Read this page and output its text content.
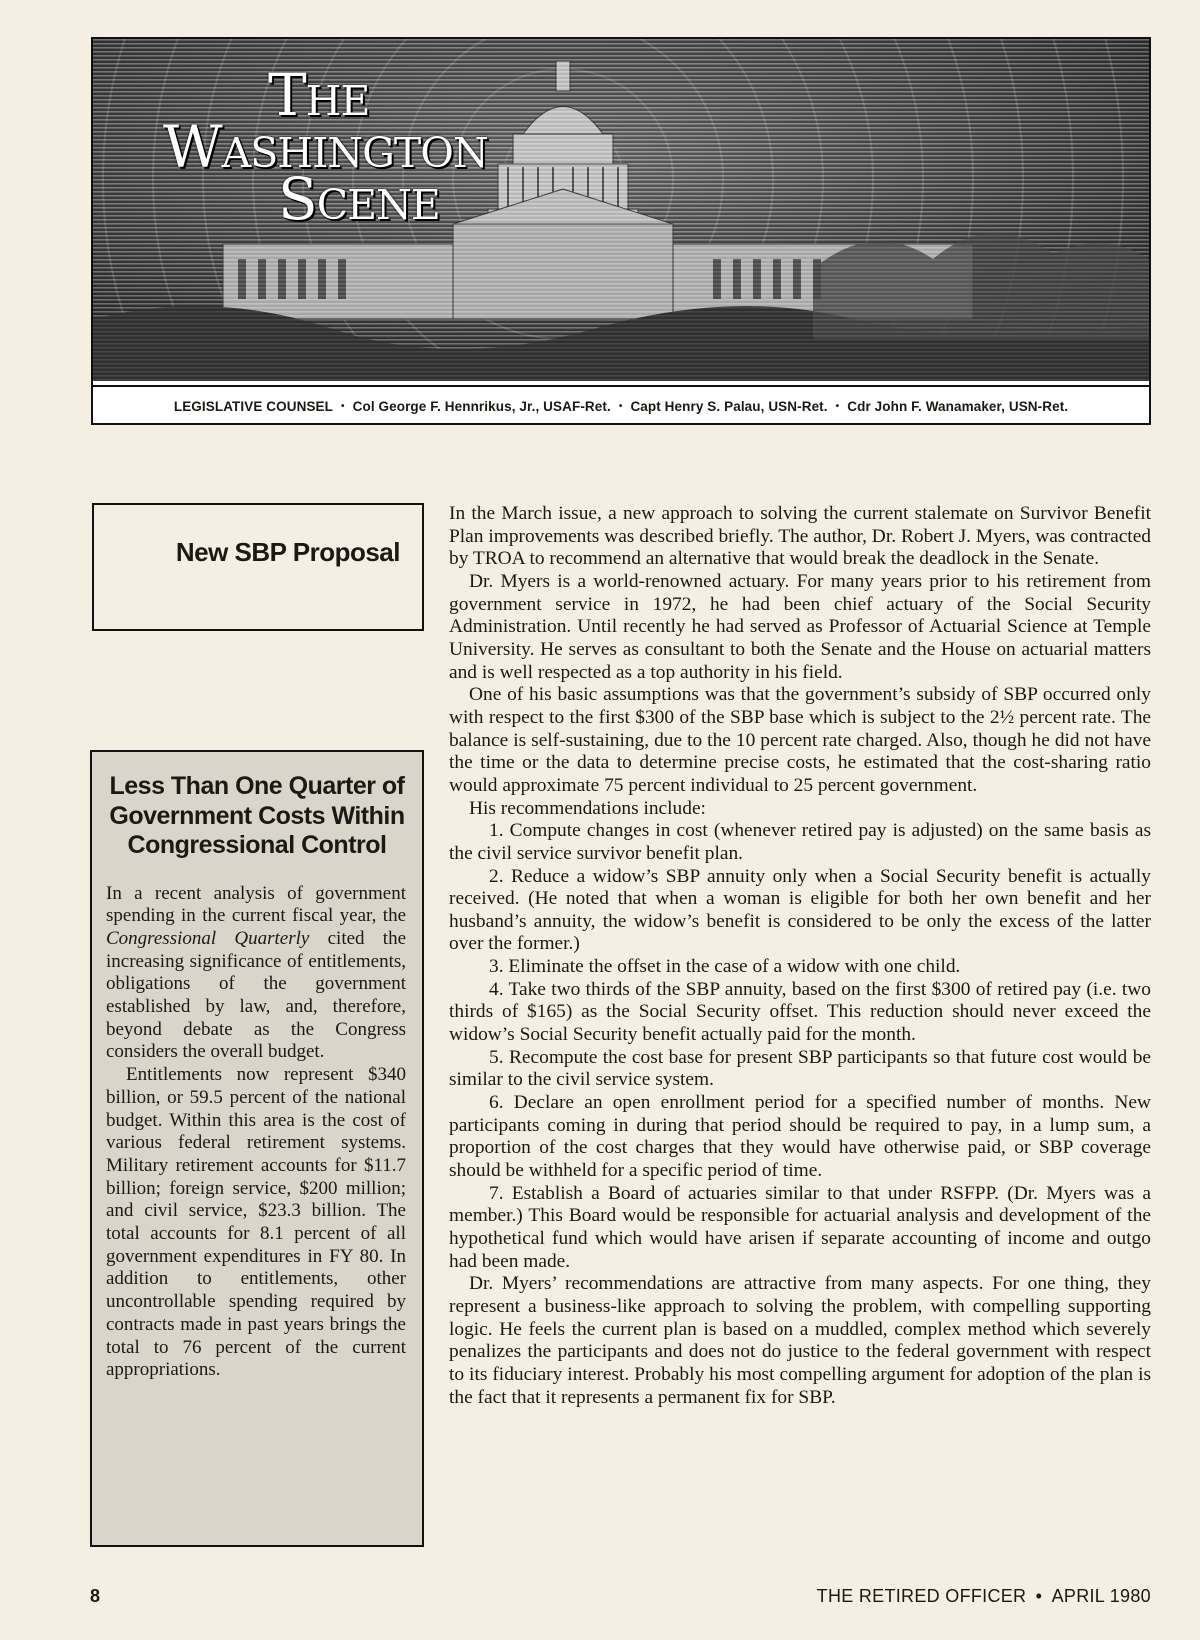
The
Washington
Scene
LEGISLATIVE COUNSEL • Col George F. Hennrikus, Jr., USAF-Ret. • Capt Henry S. Palau, USN-Ret. • Cdr John F. Wanamaker, USN-Ret.
New SBP Proposal
Less Than One Quarter of Government Costs Within Congressional Control

In a recent analysis of government spending in the current fiscal year, the Congressional Quarterly cited the increasing significance of entitlements, obligations of the government established by law, and, therefore, beyond debate as the Congress considers the overall budget.

Entitlements now represent $340 billion, or 59.5 percent of the national budget. Within this area is the cost of various federal retirement systems. Military retirement accounts for $11.7 billion; foreign service, $200 million; and civil service, $23.3 billion. The total accounts for 8.1 percent of all government expenditures in FY 80. In addition to entitlements, other uncontrollable spending required by contracts made in past years brings the total to 76 percent of the current appropriations.

In the March issue, a new approach to solving the current stalemate on Survivor Benefit Plan improvements was described briefly. The author, Dr. Robert J. Myers, was contracted by TROA to recommend an alternative that would break the deadlock in the Senate.

Dr. Myers is a world-renowned actuary. For many years prior to his retirement from government service in 1972, he had been chief actuary of the Social Security Administration. Until recently he had served as Professor of Actuarial Science at Temple University. He serves as consultant to both the Senate and the House on actuarial matters and is well respected as a top authority in his field.

One of his basic assumptions was that the government’s subsidy of SBP occurred only with respect to the first $300 of the SBP base which is subject to the 2½ percent rate. The balance is self-sustaining, due to the 10 percent rate charged. Also, though he did not have the time or the data to determine precise costs, he estimated that the cost-sharing ratio would approximate 75 percent individual to 25 percent government.

His recommendations include:

1. Compute changes in cost (whenever retired pay is adjusted) on the same basis as the civil service survivor benefit plan.

2. Reduce a widow’s SBP annuity only when a Social Security benefit is actually received. (He noted that when a woman is eligible for both her own benefit and her husband’s annuity, the widow’s benefit is considered to be only the excess of the latter over the former.)

3. Eliminate the offset in the case of a widow with one child.

4. Take two thirds of the SBP annuity, based on the first $300 of retired pay (i.e. two thirds of $165) as the Social Security offset. This reduction should never exceed the widow’s Social Security benefit actually paid for the month.

5. Recompute the cost base for present SBP participants so that future cost would be similar to the civil service system.

6. Declare an open enrollment period for a specified number of months. New participants coming in during that period should be required to pay, in a lump sum, a proportion of the cost charges that they would have otherwise paid, or SBP coverage should be withheld for a specific period of time.

7. Establish a Board of actuaries similar to that under RSFPP. (Dr. Myers was a member.) This Board would be responsible for actuarial analysis and development of the hypothetical fund which would have arisen if separate accounting of income and outgo had been made.

Dr. Myers’ recommendations are attractive from many aspects. For one thing, they represent a business-like approach to solving the problem, with compelling supporting logic. He feels the current plan is based on a muddled, complex method which severely penalizes the participants and does not do justice to the federal government with respect to its fiduciary interest. Probably his most compelling argument for adoption of the plan is the fact that it represents a permanent fix for SBP.

8	THE RETIRED OFFICER • APRIL 1980
